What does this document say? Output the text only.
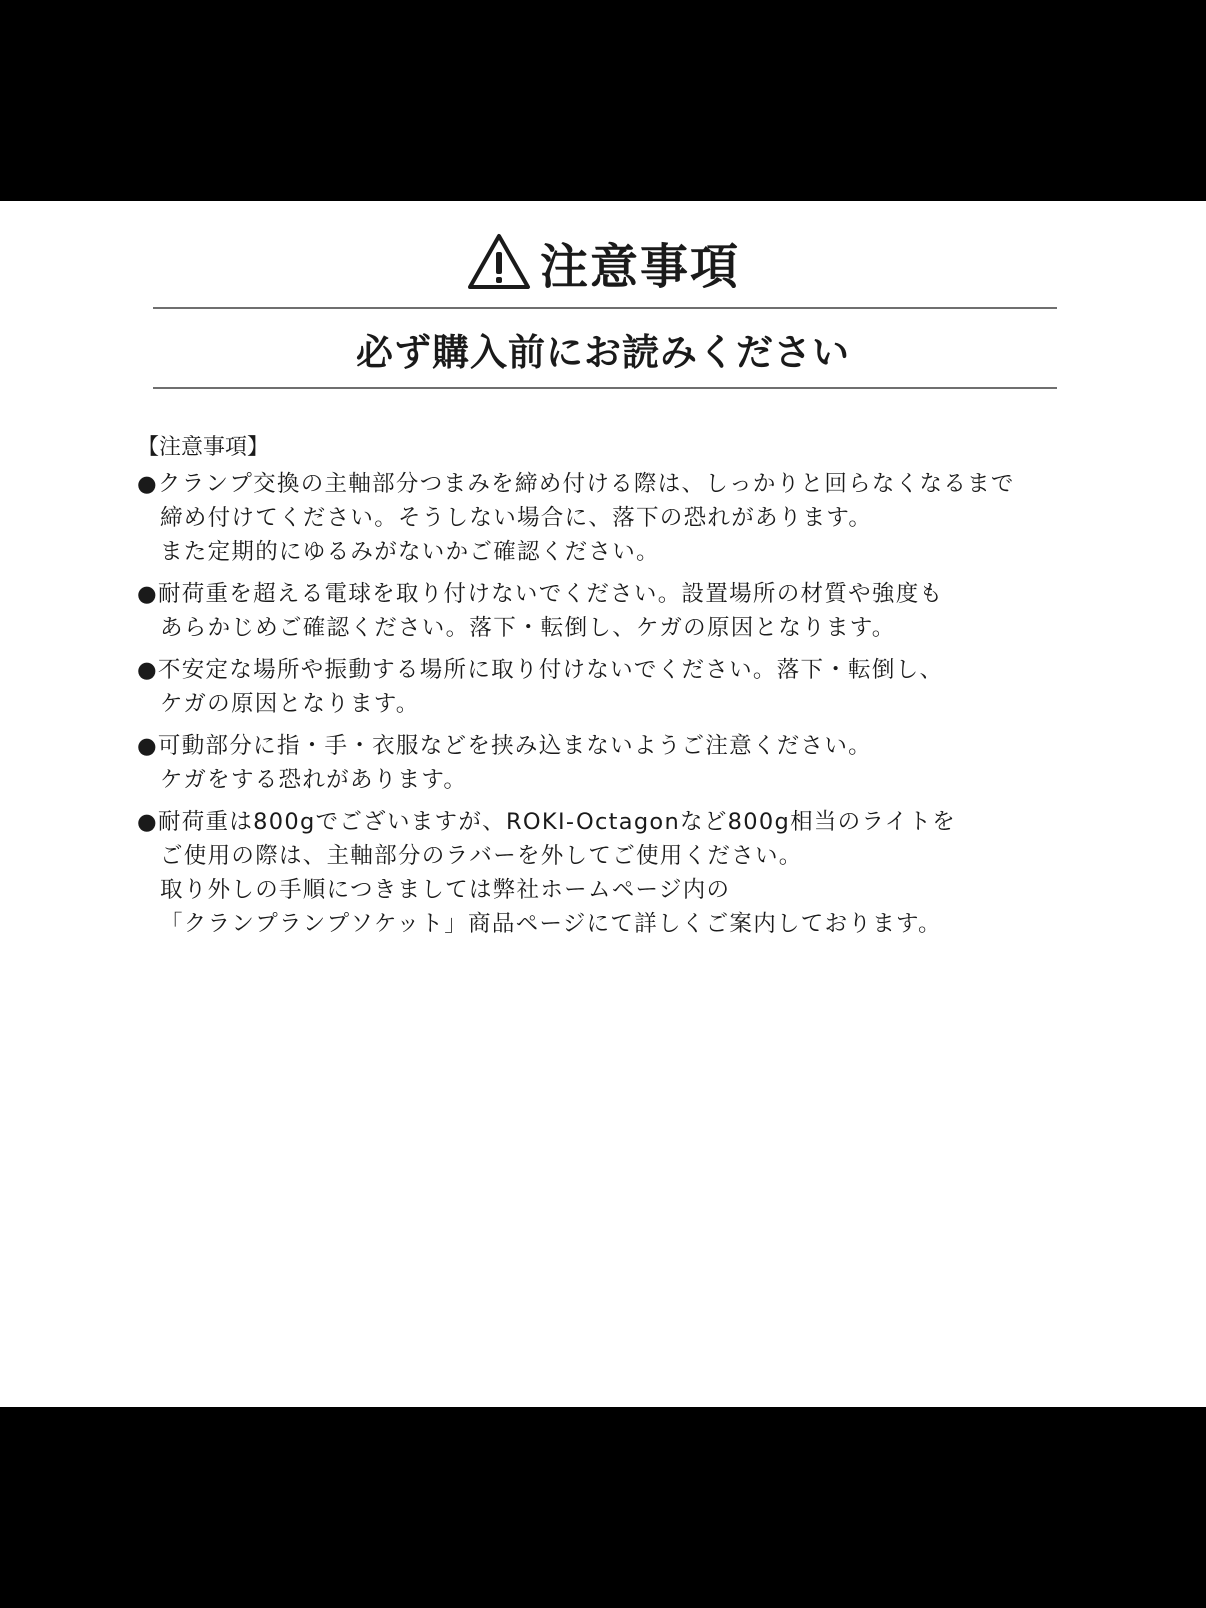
注意事項
必ず購入前にお読みください
【注意事項】
●クランプ交換の主軸部分つまみを締め付ける際は、しっかりと回らなくなるまで
締め付けてください。そうしない場合に、落下の恐れがあります。
また定期的にゆるみがないかご確認ください。
●耐荷重を超える電球を取り付けないでください。設置場所の材質や強度も
あらかじめご確認ください。落下・転倒し、ケガの原因となります。
●不安定な場所や振動する場所に取り付けないでください。落下・転倒し、
ケガの原因となります。
●可動部分に指・手・衣服などを挟み込まないようご注意ください。
ケガをする恐れがあります。
●耐荷重は800gでございますが、ROKI-Octagonなど800g相当のライトを
ご使用の際は、主軸部分のラバーを外してご使用ください。
取り外しの手順につきましては弊社ホームページ内の
「クランプランプソケット」商品ページにて詳しくご案内しております。
